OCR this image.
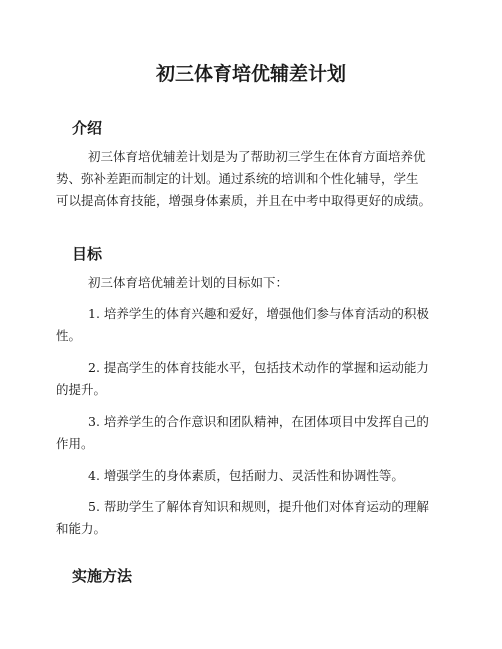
初三体育培优辅差计划
介绍

初三体育培优辅差计划是为了帮助初三学生在体育方面培养优
势、弥补差距而制定的计划。通过系统的培训和个性化辅导，学生
可以提高体育技能，增强身体素质，并且在中考中取得更好的成绩。

目标

初三体育培优辅差计划的目标如下：

1. 培养学生的体育兴趣和爱好，增强他们参与体育活动的积极
性。

2. 提高学生的体育技能水平，包括技术动作的掌握和运动能力
的提升。

3. 培养学生的合作意识和团队精神，在团体项目中发挥自己的
作用。

4. 增强学生的身体素质，包括耐力、灵活性和协调性等。

5. 帮助学生了解体育知识和规则，提升他们对体育运动的理解
和能力。

实施方法
